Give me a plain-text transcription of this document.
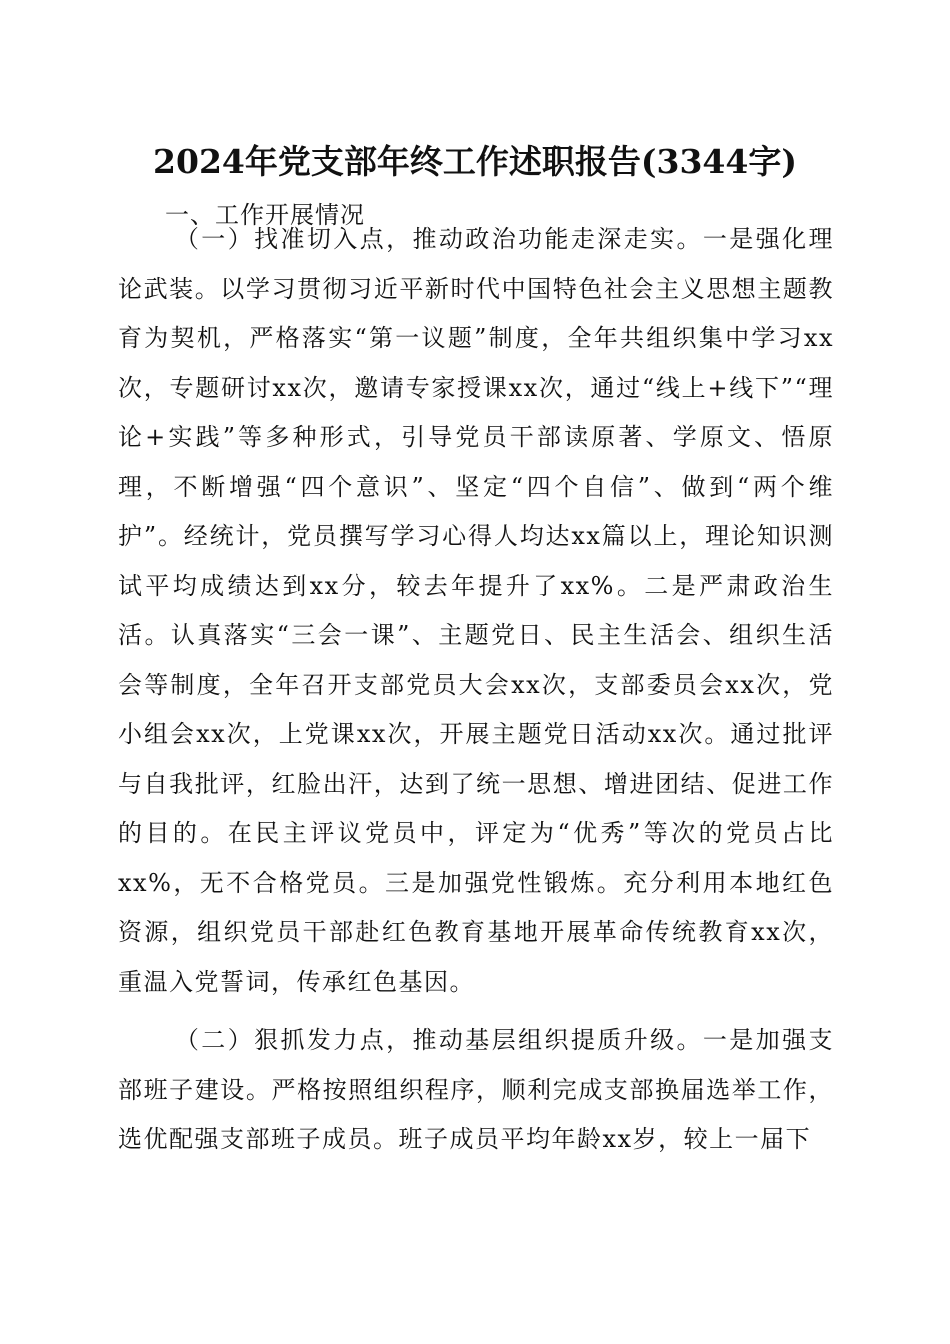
2024年党支部年终工作述职报告(3344字)
一、工作开展情况

（一）找准切入点，推动政治功能走深走实。一是强化理论武装。以学习贯彻习近平新时代中国特色社会主义思想主题教育为契机，严格落实“第一议题”制度，全年共组织集中学习xx次，专题研讨xx次，邀请专家授课xx次，通过“线上+线下”“理论+实践”等多种形式，引导党员干部读原著、学原文、悟原理，不断增强“四个意识”、坚定“四个自信”、做到“两个维护”。经统计，党员撰写学习心得人均达xx篇以上，理论知识测试平均成绩达到xx分，较去年提升了xx%。二是严肃政治生活。认真落实“三会一课”、主题党日、民主生活会、组织生活会等制度，全年召开支部党员大会xx次，支部委员会xx次，党小组会xx次，上党课xx次，开展主题党日活动xx次。通过批评与自我批评，红脸出汗，达到了统一思想、增进团结、促进工作的目的。在民主评议党员中，评定为“优秀”等次的党员占比xx%，无不合格党员。三是加强党性锻炼。充分利用本地红色资源，组织党员干部赴红色教育基地开展革命传统教育xx次，重温入党誓词，传承红色基因。

（二）狠抓发力点，推动基层组织提质升级。一是加强支部班子建设。严格按照组织程序，顺利完成支部换届选举工作，选优配强支部班子成员。班子成员平均年龄xx岁，较上一届下
